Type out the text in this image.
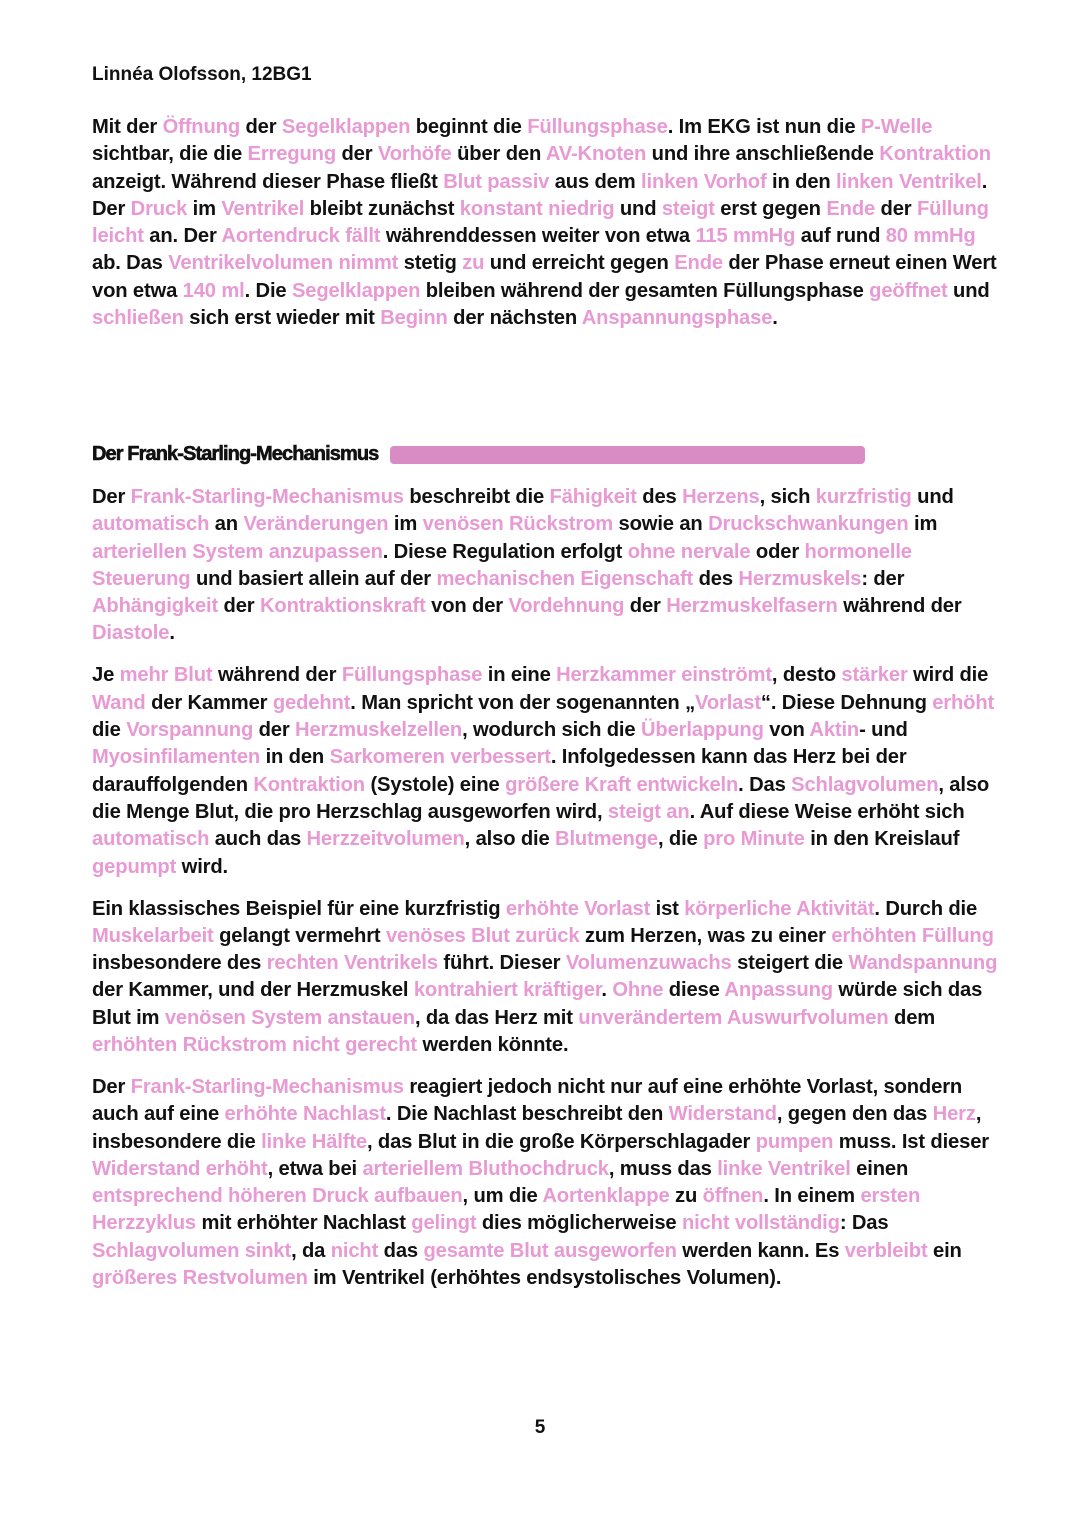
Linnéa Olofsson, 12BG1

Mit der Öffnung der Segelklappen beginnt die Füllungsphase. Im EKG ist nun die P-Welle sichtbar, die die Erregung der Vorhöfe über den AV-Knoten und ihre anschließende Kontraktion anzeigt. Während dieser Phase fließt Blut passiv aus dem linken Vorhof in den linken Ventrikel. Der Druck im Ventrikel bleibt zunächst konstant niedrig und steigt erst gegen Ende der Füllung leicht an. Der Aortendruck fällt währenddessen weiter von etwa 115 mmHg auf rund 80 mmHg ab. Das Ventrikelvolumen nimmt stetig zu und erreicht gegen Ende der Phase erneut einen Wert von etwa 140 ml. Die Segelklappen bleiben während der gesamten Füllungsphase geöffnet und schließen sich erst wieder mit Beginn der nächsten Anspannungsphase.

Der Frank-Starling-Mechanismus

Der Frank-Starling-Mechanismus beschreibt die Fähigkeit des Herzens, sich kurzfristig und automatisch an Veränderungen im venösen Rückstrom sowie an Druckschwankungen im arteriellen System anzupassen. Diese Regulation erfolgt ohne nervale oder hormonelle Steuerung und basiert allein auf der mechanischen Eigenschaft des Herzmuskels: der Abhängigkeit der Kontraktionskraft von der Vordehnung der Herzmuskelfasern während der Diastole.

Je mehr Blut während der Füllungsphase in eine Herzkammer einströmt, desto stärker wird die Wand der Kammer gedehnt. Man spricht von der sogenannten „Vorlast“. Diese Dehnung erhöht die Vorspannung der Herzmuskelzellen, wodurch sich die Überlappung von Aktin- und Myosinfilamenten in den Sarkomeren verbessert. Infolgedessen kann das Herz bei der darauffolgenden Kontraktion (Systole) eine größere Kraft entwickeln. Das Schlagvolumen, also die Menge Blut, die pro Herzschlag ausgeworfen wird, steigt an. Auf diese Weise erhöht sich automatisch auch das Herzzeitvolumen, also die Blutmenge, die pro Minute in den Kreislauf gepumpt wird.

Ein klassisches Beispiel für eine kurzfristig erhöhte Vorlast ist körperliche Aktivität. Durch die Muskelarbeit gelangt vermehrt venöses Blut zurück zum Herzen, was zu einer erhöhten Füllung insbesondere des rechten Ventrikels führt. Dieser Volumenzuwachs steigert die Wandspannung der Kammer, und der Herzmuskel kontrahiert kräftiger. Ohne diese Anpassung würde sich das Blut im venösen System anstauen, da das Herz mit unverändertem Auswurfvolumen dem erhöhten Rückstrom nicht gerecht werden könnte.

Der Frank-Starling-Mechanismus reagiert jedoch nicht nur auf eine erhöhte Vorlast, sondern auch auf eine erhöhte Nachlast. Die Nachlast beschreibt den Widerstand, gegen den das Herz, insbesondere die linke Hälfte, das Blut in die große Körperschlagader pumpen muss. Ist dieser Widerstand erhöht, etwa bei arteriellem Bluthochdruck, muss das linke Ventrikel einen entsprechend höheren Druck aufbauen, um die Aortenklappe zu öffnen. In einem ersten Herzzyklus mit erhöhter Nachlast gelingt dies möglicherweise nicht vollständig: Das Schlagvolumen sinkt, da nicht das gesamte Blut ausgeworfen werden kann. Es verbleibt ein größeres Restvolumen im Ventrikel (erhöhtes endsystolisches Volumen).

5
